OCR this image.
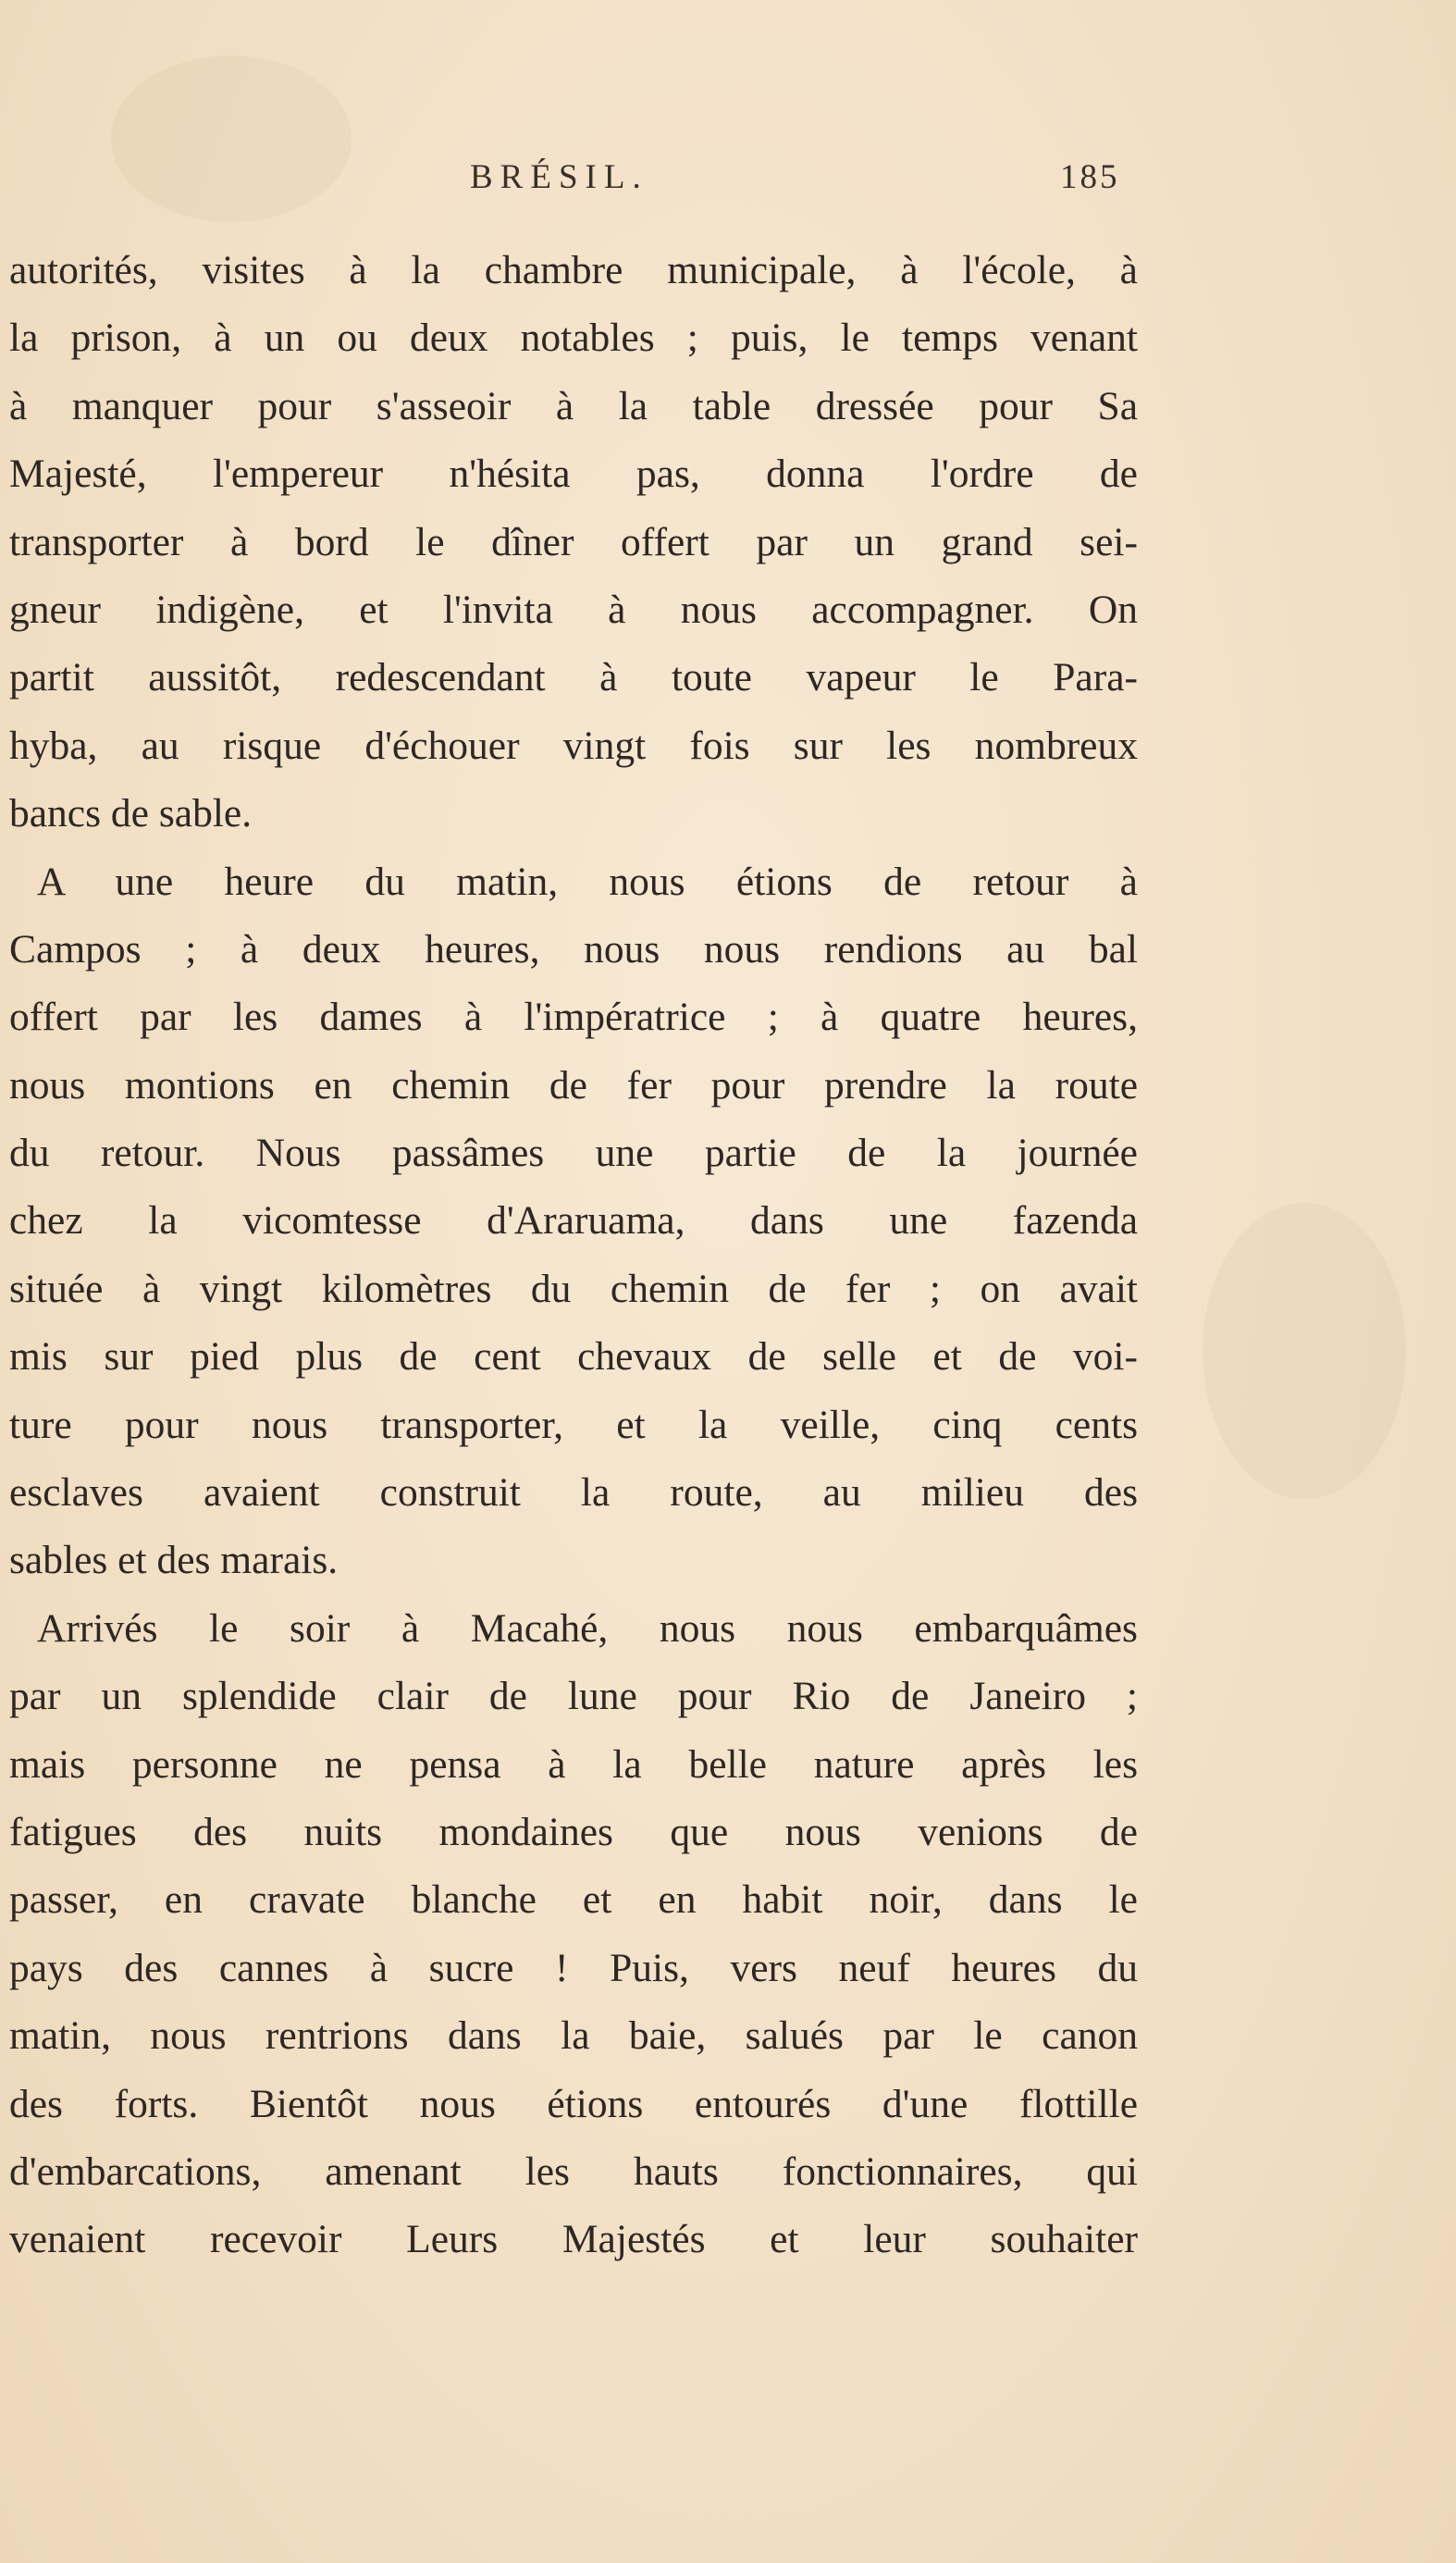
BRÉSIL.	185
autorités, visites à la chambre municipale, à l'école, à
la prison, à un ou deux notables ; puis, le temps venant
à manquer pour s'asseoir à la table dressée pour Sa
Majesté, l'empereur n'hésita pas, donna l'ordre de
transporter à bord le dîner offert par un grand sei-
gneur indigène, et l'invita à nous accompagner. On
partit aussitôt, redescendant à toute vapeur le Para-
hyba, au risque d'échouer vingt fois sur les nombreux
bancs de sable.
A une heure du matin, nous étions de retour à
Campos ; à deux heures, nous nous rendions au bal
offert par les dames à l'impératrice ; à quatre heures,
nous montions en chemin de fer pour prendre la route
du retour. Nous passâmes une partie de la journée
chez la vicomtesse d'Araruama, dans une fazenda
située à vingt kilomètres du chemin de fer ; on avait
mis sur pied plus de cent chevaux de selle et de voi-
ture pour nous transporter, et la veille, cinq cents
esclaves avaient construit la route, au milieu des
sables et des marais.
Arrivés le soir à Macahé, nous nous embarquâmes
par un splendide clair de lune pour Rio de Janeiro ;
mais personne ne pensa à la belle nature après les
fatigues des nuits mondaines que nous venions de
passer, en cravate blanche et en habit noir, dans le
pays des cannes à sucre ! Puis, vers neuf heures du
matin, nous rentrions dans la baie, salués par le canon
des forts. Bientôt nous étions entourés d'une flottille
d'embarcations, amenant les hauts fonctionnaires, qui
venaient recevoir Leurs Majestés et leur souhaiter
